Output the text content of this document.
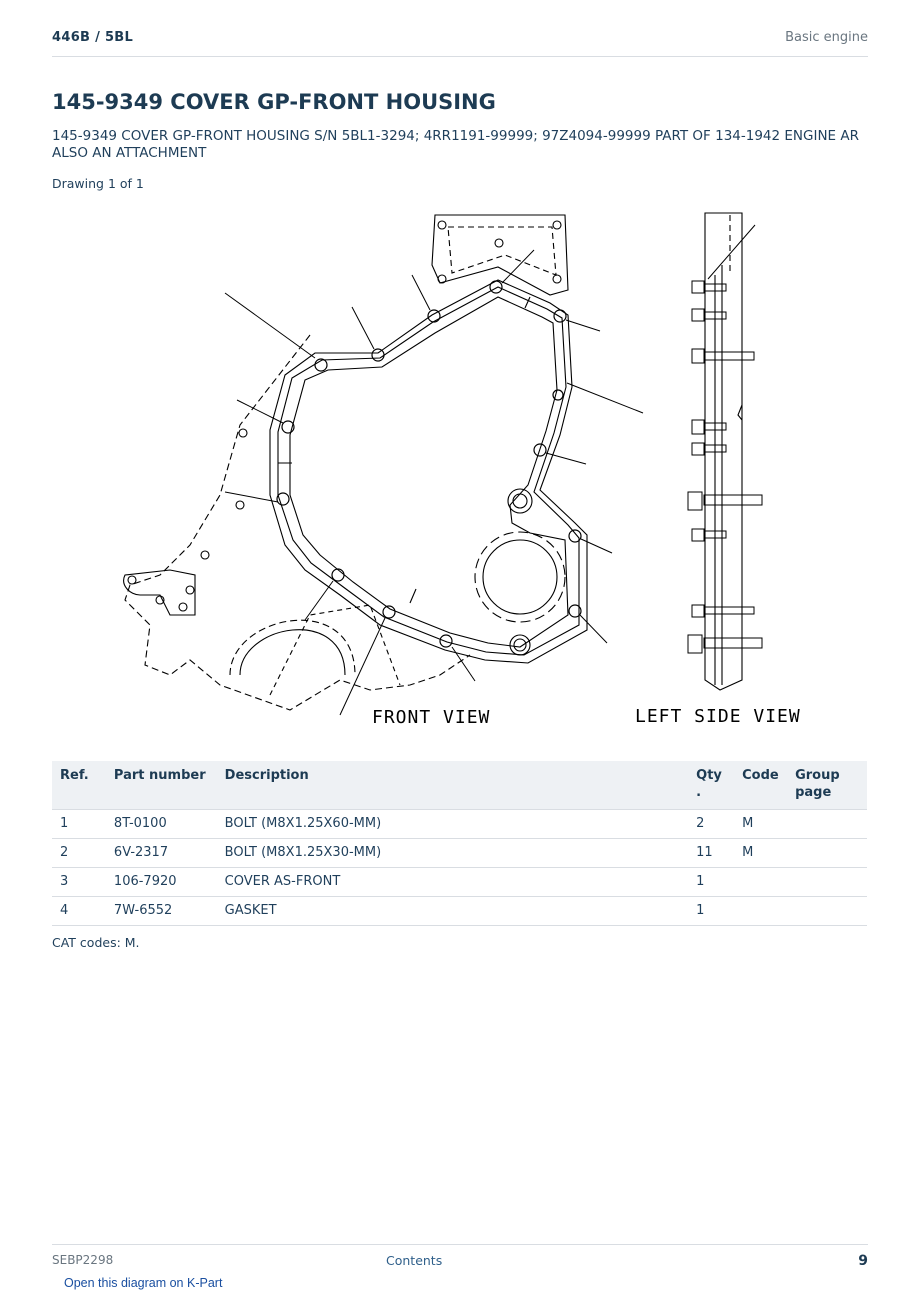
446B / 5BL	Basic engine
145-9349 COVER GP-FRONT HOUSING
145-9349 COVER GP-FRONT HOUSING S/N 5BL1-3294; 4RR1191-99999; 97Z4094-99999 PART OF 134-1942 ENGINE AR ALSO AN ATTACHMENT
Drawing 1 of 1
FRONT VIEW	LEFT SIDE VIEW
Ref.	Part number	Description	Qty .	Code	Group page
1	8T-0100	BOLT (M8X1.25X60-MM)	2	M	
2	6V-2317	BOLT (M8X1.25X30-MM)	11	M	
3	106-7920	COVER AS-FRONT	1		
4	7W-6552	GASKET	1		
CAT codes: M.
SEBP2298	Contents	9
Open this diagram on K-Part
